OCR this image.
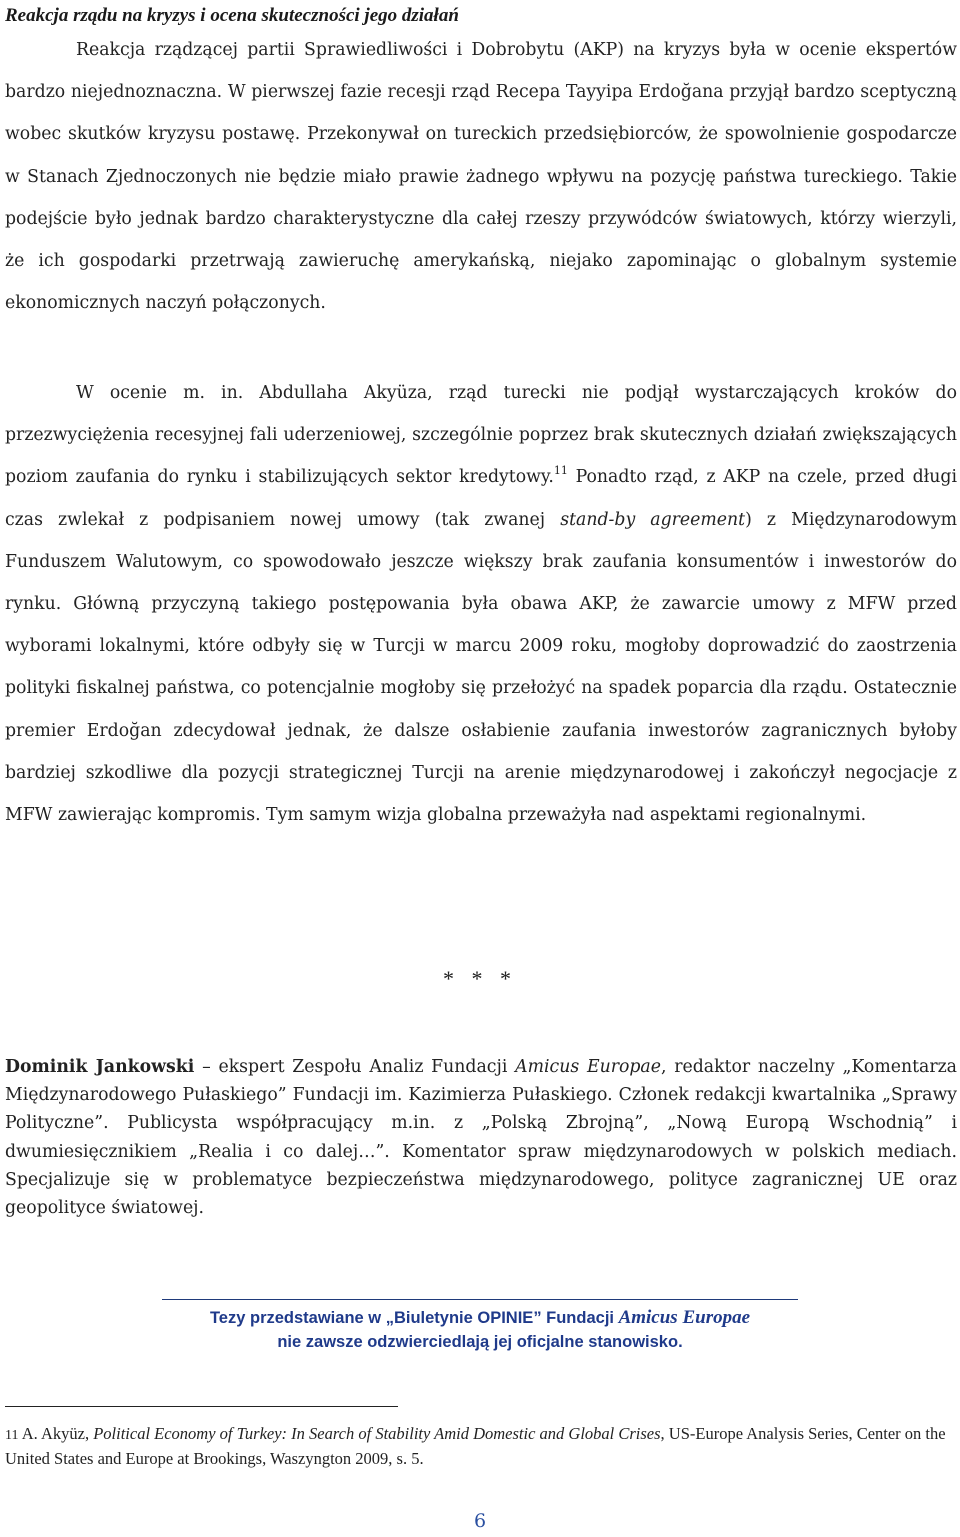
Reakcja rządu na kryzys i ocena skuteczności jego działań

Reakcja rządzącej partii Sprawiedliwości i Dobrobytu (AKP) na kryzys była w ocenie ekspertów bardzo niejednoznaczna. W pierwszej fazie recesji rząd Recepa Tayyipa Erdoğana przyjął bardzo sceptyczną wobec skutków kryzysu postawę. Przekonywał on tureckich przedsiębiorców, że spowolnienie gospodarcze w Stanach Zjednoczonych nie będzie miało prawie żadnego wpływu na pozycję państwa tureckiego. Takie podejście było jednak bardzo charakterystyczne dla całej rzeszy przywódców światowych, którzy wierzyli, że ich gospodarki przetrwają zawieruchę amerykańską, niejako zapominając o globalnym systemie ekonomicznych naczyń połączonych.

W ocenie m. in. Abdullaha Akyüza, rząd turecki nie podjął wystarczających kroków do przezwyciężenia recesyjnej fali uderzeniowej, szczególnie poprzez brak skutecznych działań zwiększających poziom zaufania do rynku i stabilizujących sektor kredytowy.$^{11}$ Ponadto rząd, z AKP na czele, przed długi czas zwlekał z podpisaniem nowej umowy (tak zwanej stand-by agreement) z Międzynarodowym Funduszem Walutowym, co spowodowało jeszcze większy brak zaufania konsumentów i inwestorów do rynku. Główną przyczyną takiego postępowania była obawa AKP, że zawarcie umowy z MFW przed wyborami lokalnymi, które odbyły się w Turcji w marcu 2009 roku, mogłoby doprowadzić do zaostrzenia polityki fiskalnej państwa, co potencjalnie mogłoby się przełożyć na spadek poparcia dla rządu. Ostatecznie premier Erdoğan zdecydował jednak, że dalsze osłabienie zaufania inwestorów zagranicznych byłoby bardziej szkodliwe dla pozycji strategicznej Turcji na arenie międzynarodowej i zakończył negocjacje z MFW zawierając kompromis. Tym samym wizja globalna przeważyła nad aspektami regionalnymi.

* * *

Dominik Jankowski – ekspert Zespołu Analiz Fundacji Amicus Europae, redaktor naczelny „Komentarza Międzynarodowego Pułaskiego” Fundacji im. Kazimierza Pułaskiego. Członek redakcji kwartalnika „Sprawy Polityczne”. Publicysta współpracujący m.in. z „Polską Zbrojną”, „Nową Europą Wschodnią” i dwumiesięcznikiem „Realia i co dalej…”. Komentator spraw międzynarodowych w polskich mediach. Specjalizuje się w problematyce bezpieczeństwa międzynarodowego, polityce zagranicznej UE oraz geopolityce światowej.

Tezy przedstawiane w „Biuletynie OPINIE” Fundacji Amicus Europae
nie zawsze odzwierciedlają jej oficjalne stanowisko.

11 A. Akyüz, Political Economy of Turkey: In Search of Stability Amid Domestic and Global Crises, US-Europe Analysis Series, Center on the United States and Europe at Brookings, Waszyngton 2009, s. 5.

6
